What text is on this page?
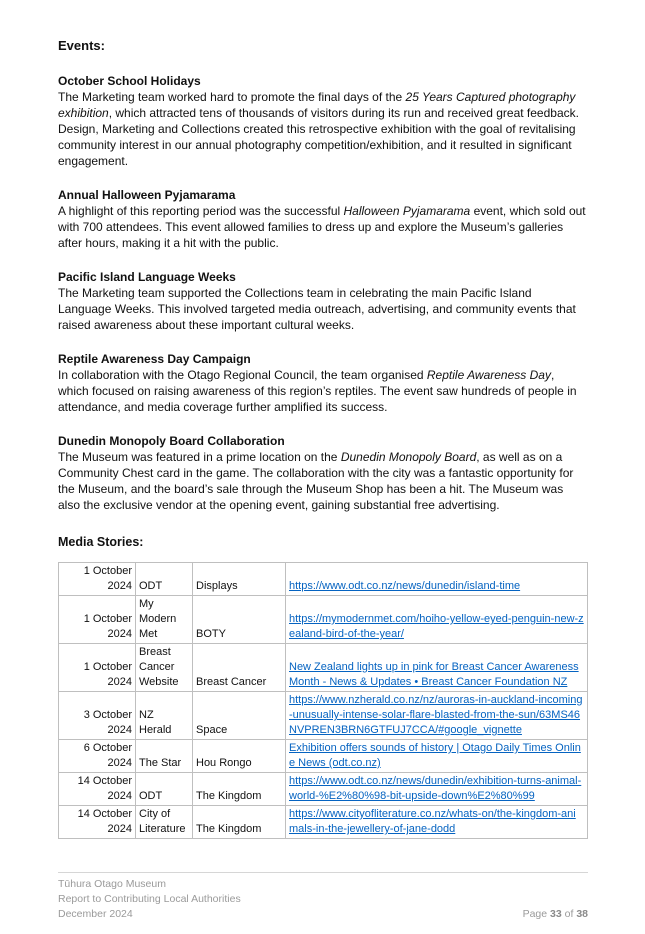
Events:
October School Holidays

The Marketing team worked hard to promote the final days of the 25 Years Captured photography exhibition, which attracted tens of thousands of visitors during its run and received great feedback. Design, Marketing and Collections created this retrospective exhibition with the goal of revitalising community interest in our annual photography competition/exhibition, and it resulted in significant engagement.

Annual Halloween Pyjamarama

A highlight of this reporting period was the successful Halloween Pyjamarama event, which sold out with 700 attendees. This event allowed families to dress up and explore the Museum’s galleries after hours, making it a hit with the public.

Pacific Island Language Weeks

The Marketing team supported the Collections team in celebrating the main Pacific Island Language Weeks. This involved targeted media outreach, advertising, and community events that raised awareness about these important cultural weeks.

Reptile Awareness Day Campaign

In collaboration with the Otago Regional Council, the team organised Reptile Awareness Day, which focused on raising awareness of this region’s reptiles. The event saw hundreds of people in attendance, and media coverage further amplified its success.

Dunedin Monopoly Board Collaboration

The Museum was featured in a prime location on the Dunedin Monopoly Board, as well as on a Community Chest card in the game. The collaboration with the city was a fantastic opportunity for the Museum, and the board’s sale through the Museum Shop has been a hit. The Museum was also the exclusive vendor at the opening event, gaining substantial free advertising.

Media Stories:
1 October 2024	ODT	Displays	https://www.odt.co.nz/news/dunedin/island-time
1 October 2024	My Modern Met	BOTY	https://mymodernmet.com/hoiho-yellow-eyed-penguin-new-zealand-bird-of-the-year/
1 October 2024	Breast Cancer Website	Breast Cancer	New Zealand lights up in pink for Breast Cancer Awareness Month - News & Updates • Breast Cancer Foundation NZ
3 October 2024	NZ Herald	Space	https://www.nzherald.co.nz/nz/auroras-in-auckland-incoming-unusually-intense-solar-flare-blasted-from-the-sun/63MS46NVPREN3BRN6GTFUJ7CCA/#google_vignette
6 October 2024	The Star	Hou Rongo	Exhibition offers sounds of history | Otago Daily Times Online News (odt.co.nz)
14 October 2024	ODT	The Kingdom	https://www.odt.co.nz/news/dunedin/exhibition-turns-animal-world-%E2%80%98-bit-upside-down%E2%80%99
14 October 2024	City of Literature	The Kingdom	https://www.cityofliterature.co.nz/whats-on/the-kingdom-animals-in-the-jewellery-of-jane-dodd
Tūhura Otago Museum
Report to Contributing Local Authorities
December 2024	Page 33 of 38
